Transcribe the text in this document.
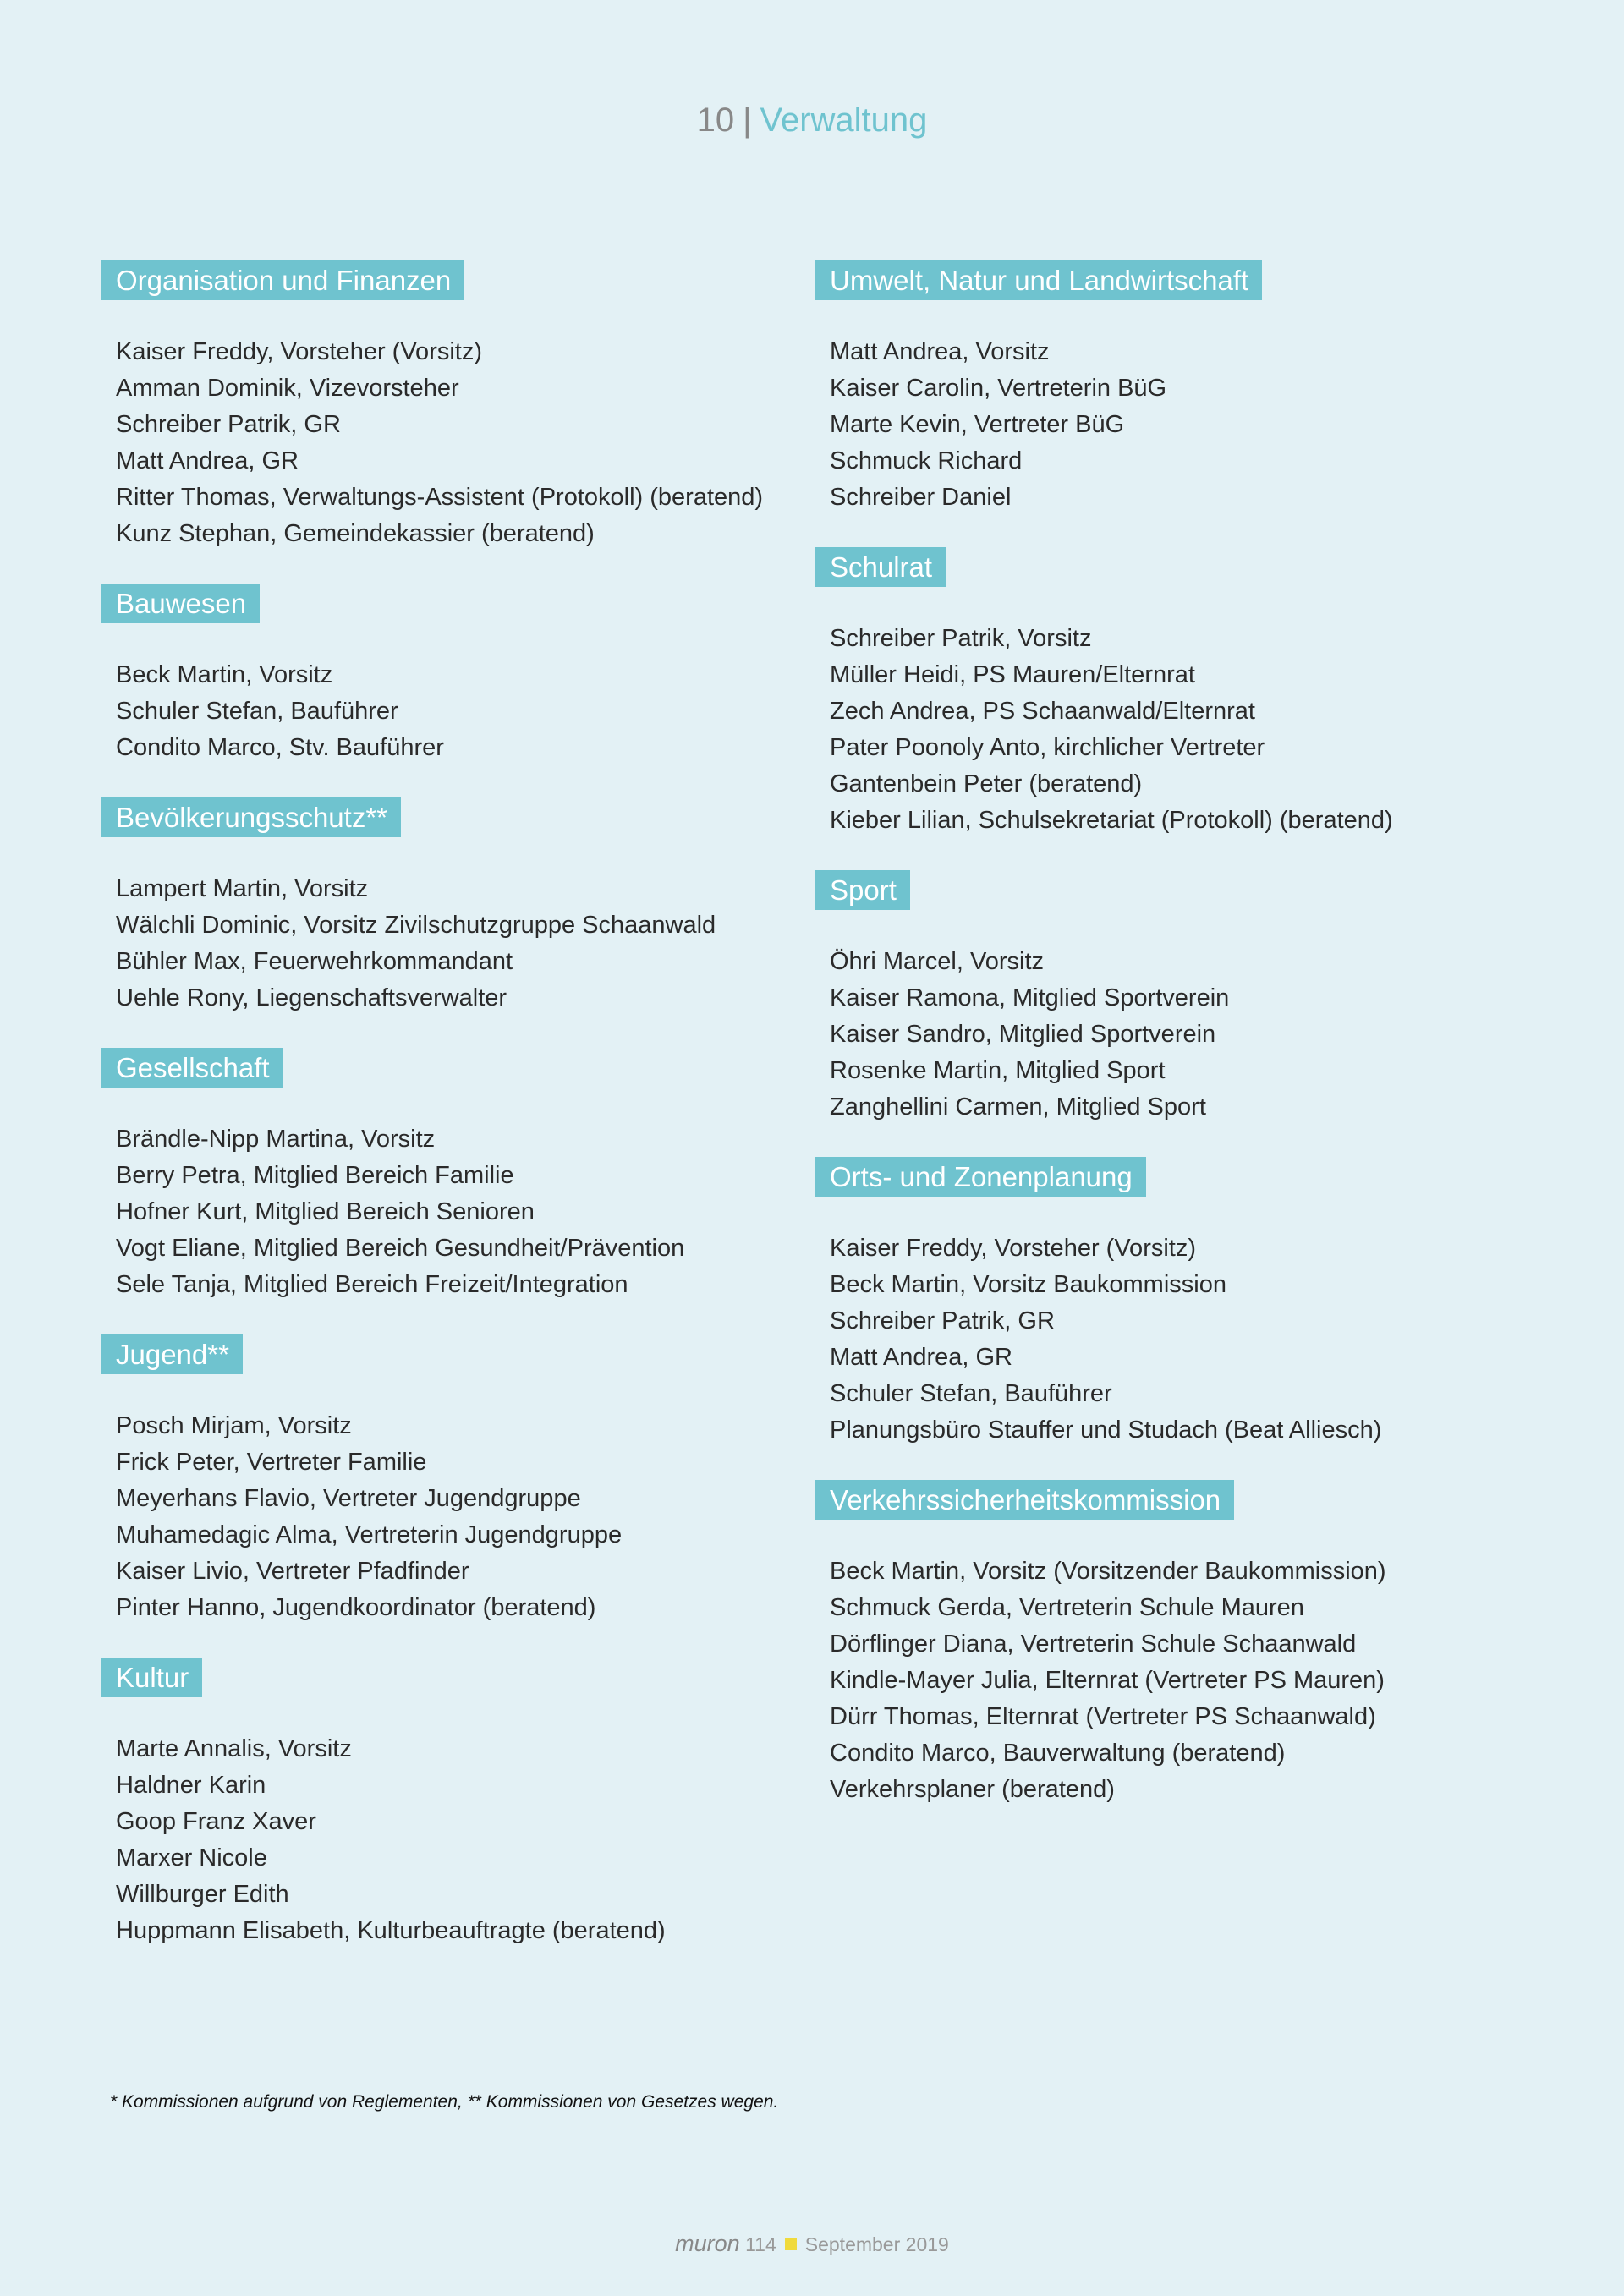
10 | Verwaltung
Organisation und Finanzen
Kaiser Freddy, Vorsteher (Vorsitz)
Amman Dominik, Vizevorsteher
Schreiber Patrik, GR
Matt Andrea, GR
Ritter Thomas, Verwaltungs-Assistent (Protokoll) (beratend)
Kunz Stephan, Gemeindekassier (beratend)
Bauwesen
Beck Martin, Vorsitz
Schuler Stefan, Bauführer
Condito Marco, Stv. Bauführer
Bevölkerungsschutz**
Lampert Martin, Vorsitz
Wälchli Dominic, Vorsitz Zivilschutzgruppe Schaanwald
Bühler Max, Feuerwehrkommandant
Uehle Rony, Liegenschaftsverwalter
Gesellschaft
Brändle-Nipp Martina, Vorsitz
Berry Petra, Mitglied Bereich Familie
Hofner Kurt, Mitglied Bereich Senioren
Vogt Eliane, Mitglied Bereich Gesundheit/Prävention
Sele Tanja, Mitglied Bereich Freizeit/Integration
Jugend**
Posch Mirjam, Vorsitz
Frick Peter, Vertreter Familie
Meyerhans Flavio, Vertreter Jugendgruppe
Muhamedagic Alma, Vertreterin Jugendgruppe
Kaiser Livio, Vertreter Pfadfinder
Pinter Hanno, Jugendkoordinator (beratend)
Kultur
Marte Annalis, Vorsitz
Haldner Karin
Goop Franz Xaver
Marxer Nicole
Willburger Edith
Huppmann Elisabeth, Kulturbeauftragte (beratend)
Umwelt, Natur und Landwirtschaft
Matt Andrea, Vorsitz
Kaiser Carolin, Vertreterin BüG
Marte Kevin, Vertreter BüG
Schmuck Richard
Schreiber Daniel
Schulrat
Schreiber Patrik, Vorsitz
Müller Heidi, PS Mauren/Elternrat
Zech Andrea, PS Schaanwald/Elternrat
Pater Poonoly Anto, kirchlicher Vertreter
Gantenbein Peter (beratend)
Kieber Lilian, Schulsekretariat (Protokoll) (beratend)
Sport
Öhri Marcel, Vorsitz
Kaiser Ramona, Mitglied Sportverein
Kaiser Sandro, Mitglied Sportverein
Rosenke Martin, Mitglied Sport
Zanghellini Carmen, Mitglied Sport
Orts- und Zonenplanung
Kaiser Freddy, Vorsteher (Vorsitz)
Beck Martin, Vorsitz Baukommission
Schreiber Patrik, GR
Matt Andrea, GR
Schuler Stefan, Bauführer
Planungsbüro Stauffer und Studach (Beat Alliesch)
Verkehrssicherheitskommission
Beck Martin, Vorsitz (Vorsitzender Baukommission)
Schmuck Gerda, Vertreterin Schule Mauren
Dörflinger Diana, Vertreterin Schule Schaanwald
Kindle-Mayer Julia, Elternrat (Vertreter PS Mauren)
Dürr Thomas, Elternrat (Vertreter PS Schaanwald)
Condito Marco, Bauverwaltung (beratend)
Verkehrsplaner (beratend)
* Kommissionen aufgrund von Reglementen, ** Kommissionen von Gesetzes wegen.
muron 114 September 2019
